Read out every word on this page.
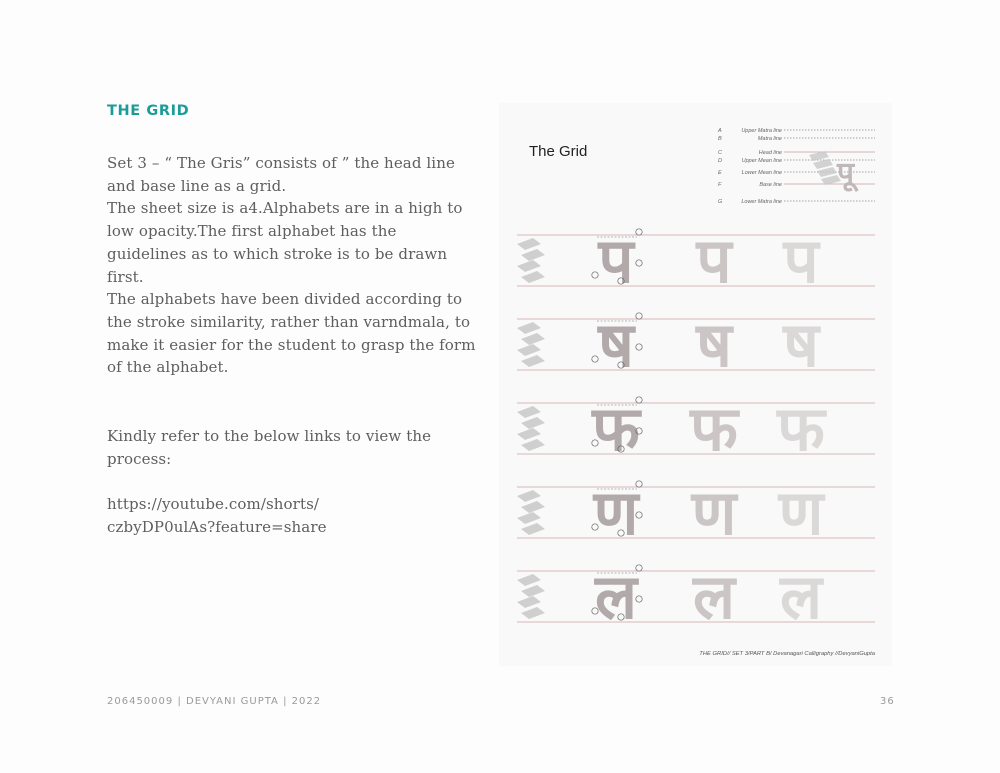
THE GRID

Set 3 – “ The Gris” consists of ” the head line and base line as a grid.

The sheet size is a4.Alphabets are in a high to low opacity.The first alphabet has the guidelines as to which stroke is to be drawn first.

The alphabets have been divided according to the stroke similarity, rather than varndmala, to make it easier for the student to grasp the form of the alphabet.

Kindly refer to the below links to view the process:

https://youtube.com/shorts/

czbyDP0ulAs?feature=share

The Grid
A	Upper Matra line
B	Matra line
C	Head line
D	Upper Mean line
E	Lower Mean line
F	Base line
G	Lower Matra line
पू
प प प
ष ष ष
फ फ फ
ण ण ण
ल ल ल
THE GRID// SET 3/PART B/ Devanagari Calligraphy //DevyaniGupta

206450009 | DEVYANI GUPTA | 2022	36
